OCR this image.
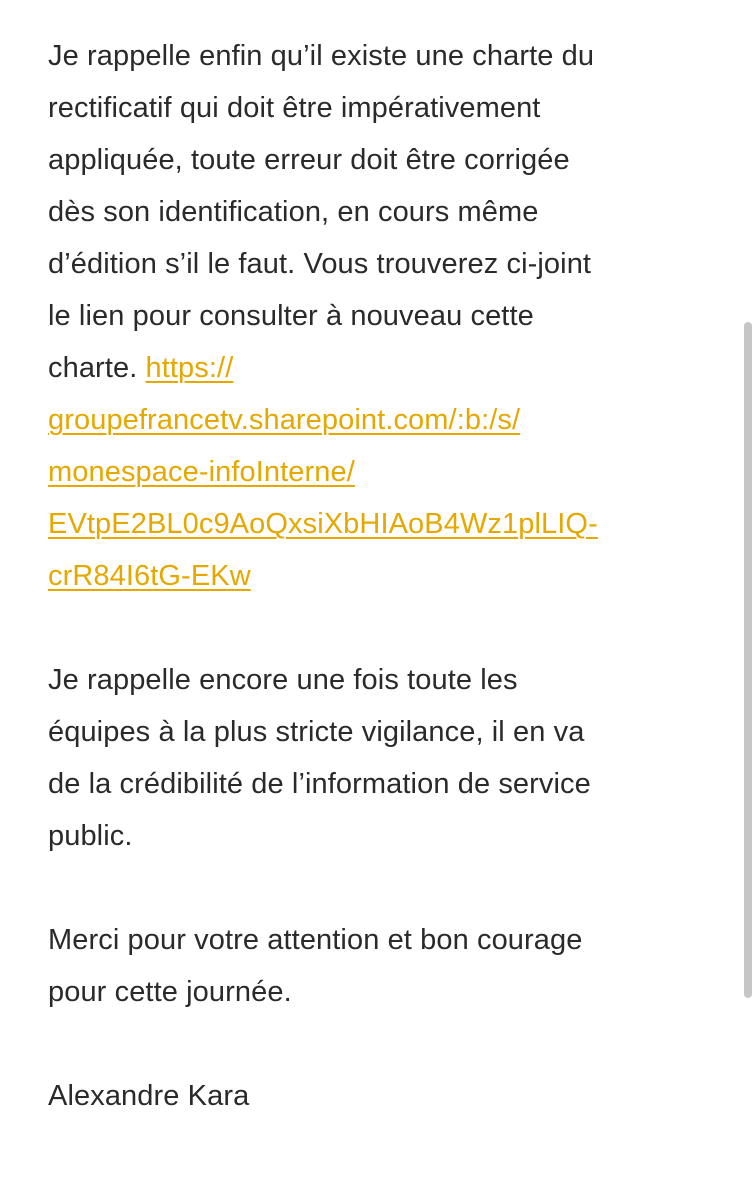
Je rappelle enfin qu’il existe une charte du
rectificatif qui doit être impérativement
appliquée, toute erreur doit être corrigée
dès son identification, en cours même
d’édition s’il le faut. Vous trouverez ci-joint
le lien pour consulter à nouveau cette
charte. https://
groupefrancetv.sharepoint.com/:b:/s/
monespace-infoInterne/
EVtpE2BL0c9AoQxsiXbHIAoB4Wz1plLIQ-
crR84I6tG-EKw

Je rappelle encore une fois toute les
équipes à la plus stricte vigilance, il en va
de la crédibilité de l’information de service
public.

Merci pour votre attention et bon courage
pour cette journée.

Alexandre Kara
